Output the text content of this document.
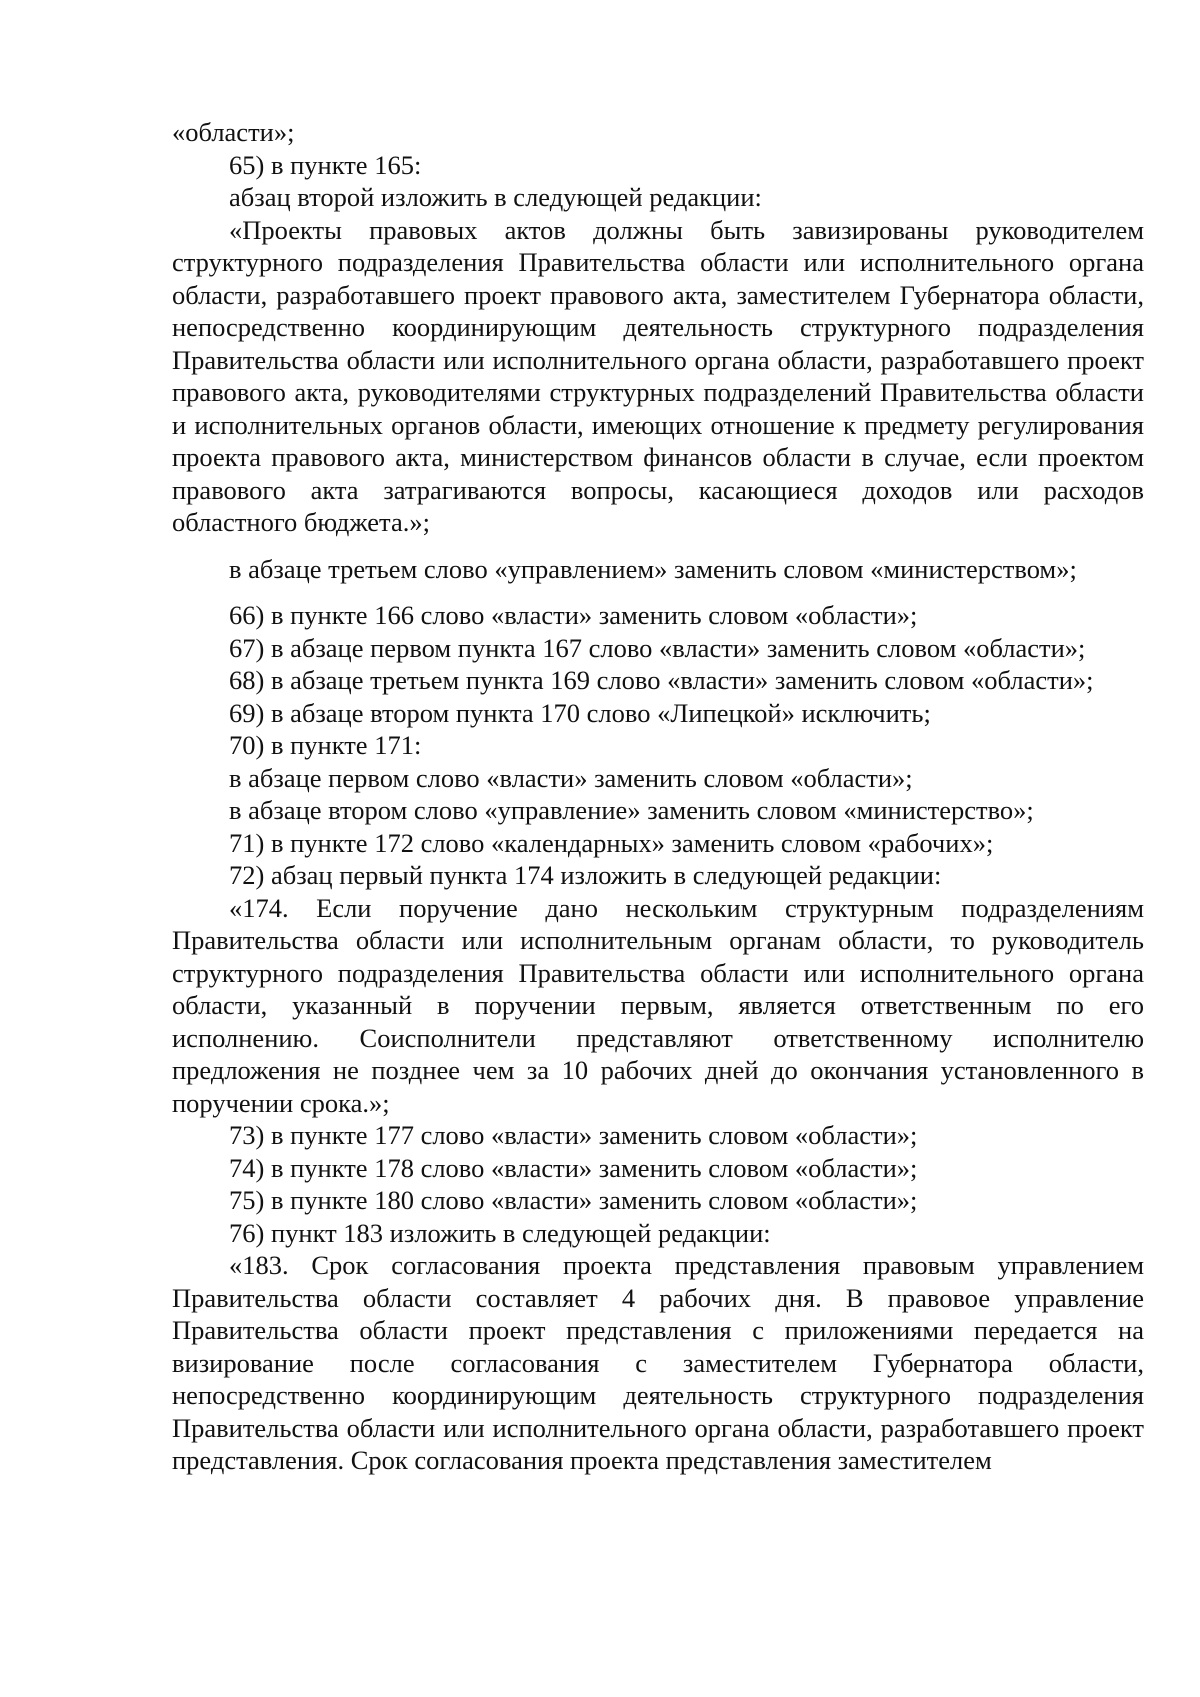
«области»;

65) в пункте 165:

абзац второй изложить в следующей редакции:

«Проекты правовых актов должны быть завизированы руководителем структурного подразделения Правительства области или исполнительного органа области, разработавшего проект правового акта, заместителем Губернатора области, непосредственно координирующим деятельность структурного подразделения Правительства области или исполнительного органа области, разработавшего проект правового акта, руководителями структурных подразделений Правительства области и исполнительных органов области, имеющих отношение к предмету регулирования проекта правового акта, министерством финансов области в случае, если проектом правового акта затрагиваются вопросы, касающиеся доходов или расходов областного бюджета.»;

в абзаце третьем слово «управлением» заменить словом «министерством»;

66) в пункте 166 слово «власти» заменить словом «области»;

67) в абзаце первом пункта 167 слово «власти» заменить словом «области»;

68) в абзаце третьем пункта 169 слово «власти» заменить словом «области»;

69) в абзаце втором пункта 170 слово «Липецкой» исключить;

70) в пункте 171:

в абзаце первом слово «власти» заменить словом «области»;

в абзаце втором слово «управление» заменить словом «министерство»;

71) в пункте 172 слово «календарных» заменить словом «рабочих»;

72) абзац первый пункта 174 изложить в следующей редакции:

«174. Если поручение дано нескольким структурным подразделениям Правительства области или исполнительным органам области, то руководитель структурного подразделения Правительства области или исполнительного органа области, указанный в поручении первым, является ответственным по его исполнению. Соисполнители представляют ответственному исполнителю предложения не позднее чем за 10 рабочих дней до окончания установленного в поручении срока.»;

73) в пункте 177 слово «власти» заменить словом «области»;

74) в пункте 178 слово «власти» заменить словом «области»;

75) в пункте 180 слово «власти» заменить словом «области»;

76) пункт 183 изложить в следующей редакции:

«183. Срок согласования проекта представления правовым управлением Правительства области составляет 4 рабочих дня. В правовое управление Правительства области проект представления с приложениями передается на визирование после согласования с заместителем Губернатора области, непосредственно координирующим деятельность структурного подразделения Правительства области или исполнительного органа области, разработавшего проект представления. Срок согласования проекта представления заместителем
